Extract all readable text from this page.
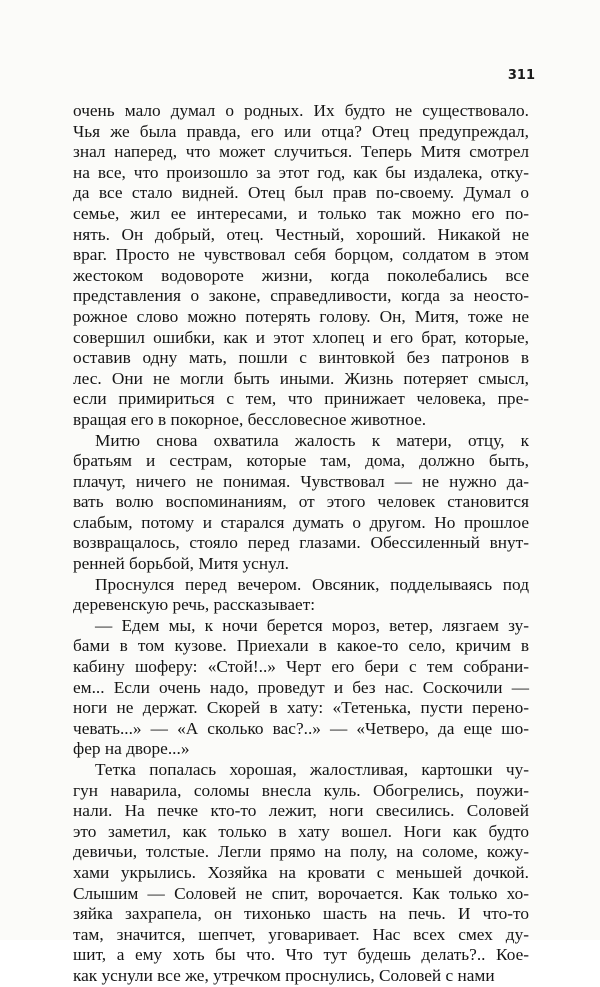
311

очень мало думал о родных. Их будто не существовало.
Чья же была правда, его или отца? Отец предупреждал,
знал наперед, что может случиться. Теперь Митя смотрел
на все, что произошло за этот год, как бы издалека, отку-
да все стало видней. Отец был прав по-своему. Думал о
семье, жил ее интересами, и только так можно его по-
нять. Он добрый, отец. Честный, хороший. Никакой не
враг. Просто не чувствовал себя борцом, солдатом в этом
жестоком водовороте жизни, когда поколебались все
представления о законе, справедливости, когда за неосто-
рожное слово можно потерять голову. Он, Митя, тоже не
совершил ошибки, как и этот хлопец и его брат, которые,
оставив одну мать, пошли с винтовкой без патронов в
лес. Они не могли быть иными. Жизнь потеряет смысл,
если примириться с тем, что принижает человека, пре-
вращая его в покорное, бессловесное животное.
Митю снова охватила жалость к матери, отцу, к
братьям и сестрам, которые там, дома, должно быть,
плачут, ничего не понимая. Чувствовал — не нужно да-
вать волю воспоминаниям, от этого человек становится
слабым, потому и старался думать о другом. Но прошлое
возвращалось, стояло перед глазами. Обессиленный внут-
ренней борьбой, Митя уснул.
Проснулся перед вечером. Овсяник, подделываясь под
деревенскую речь, рассказывает:
— Едем мы, к ночи берется мороз, ветер, лязгаем зу-
бами в том кузове. Приехали в какое-то село, кричим в
кабину шоферу: «Стой!..» Черт его бери с тем собрани-
ем... Если очень надо, проведут и без нас. Соскочили —
ноги не держат. Скорей в хату: «Тетенька, пусти перено-
чевать...» — «А сколько вас?..» — «Четверо, да еще шо-
фер на дворе...»
Тетка попалась хорошая, жалостливая, картошки чу-
гун наварила, соломы внесла куль. Обогрелись, поужи-
нали. На печке кто-то лежит, ноги свесились. Соловей
это заметил, как только в хату вошел. Ноги как будто
девичьи, толстые. Легли прямо на полу, на соломе, кожу-
хами укрылись. Хозяйка на кровати с меньшей дочкой.
Слышим — Соловей не спит, ворочается. Как только хо-
зяйка захрапела, он тихонько шасть на печь. И что-то
там, значится, шепчет, уговаривает. Нас всех смех ду-
шит, а ему хоть бы что. Что тут будешь делать?.. Кое-
как уснули все же, утречком проснулись, Соловей с нами
